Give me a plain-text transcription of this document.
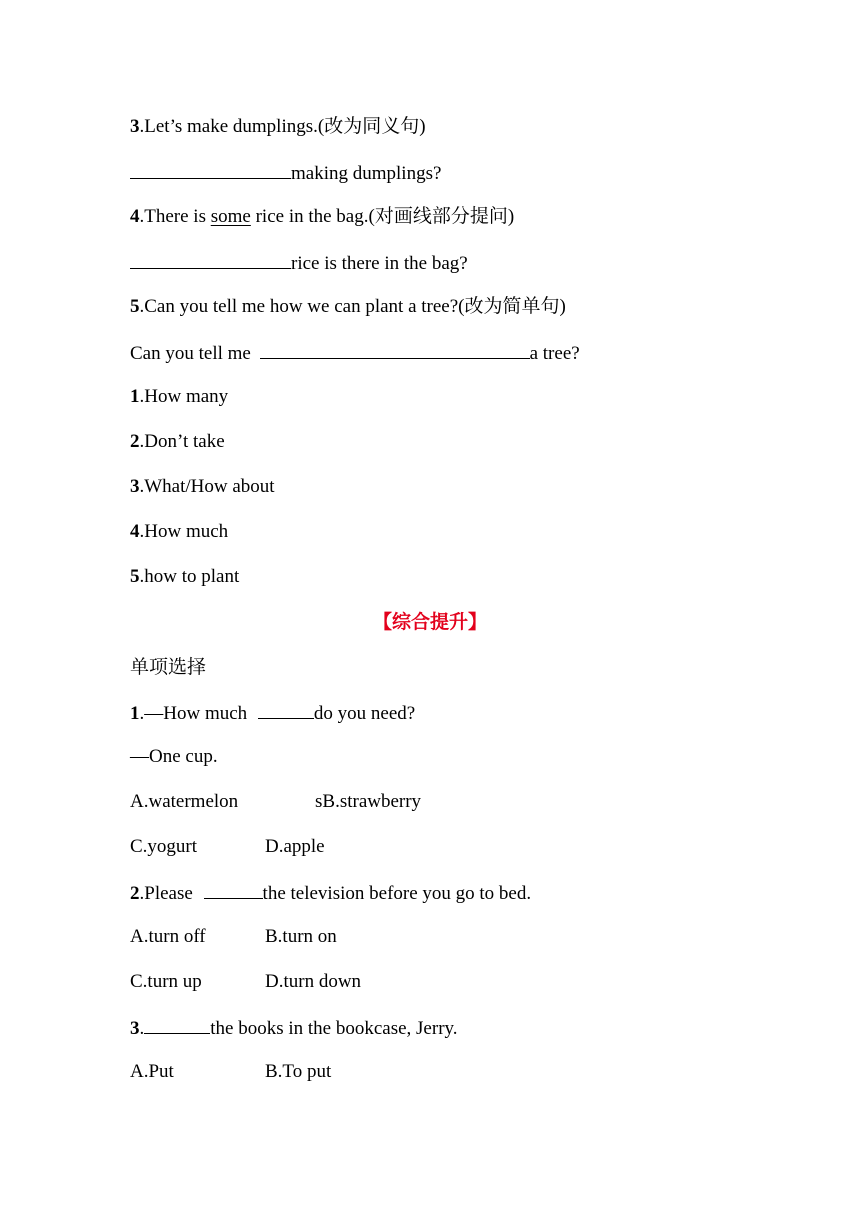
3.Let’s make dumplings.(改为同义句)
making dumplings?
4.There is some rice in the bag.(对画线部分提问)
rice is there in the bag?
5.Can you tell me how we can plant a tree?(改为简单句)
Can you tell me	a tree?
1.How many
2.Don’t take
3.What/How about
4.How much
5.how to plant
【综合提升】
单项选择
1.—How much	do you need?
—One cup.
A.watermelon	sB.strawberry
C.yogurt	D.apple
2.Please	the television before you go to bed.
A.turn off	B.turn on
C.turn up	D.turn down
3.	the books in the bookcase, Jerry.
A.Put	B.To put
